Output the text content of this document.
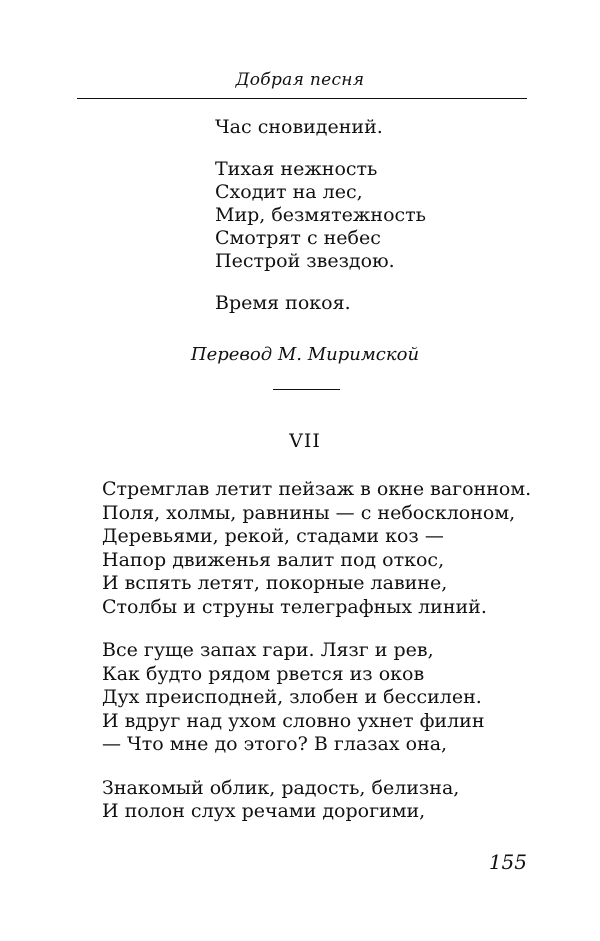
Добрая песня
Час сновидений.
Тихая нежность
Сходит на лес,
Мир, безмятежность
Смотрят с небес
Пестрой звездою.
Время покоя.
Перевод М. Миримской
VII
Стремглав летит пейзаж в окне вагонном.
Поля, холмы, равнины — с небосклоном,
Деревьями, рекой, стадами коз —
Напор движенья валит под откос,
И вспять летят, покорные лавине,
Столбы и струны телеграфных линий.
Все гуще запах гари. Лязг и рев,
Как будто рядом рвется из оков
Дух преисподней, злобен и бессилен.
И вдруг над ухом словно ухнет филин
— Что мне до этого? В глазах она,
Знакомый облик, радость, белизна,
И полон слух речами дорогими,
155
